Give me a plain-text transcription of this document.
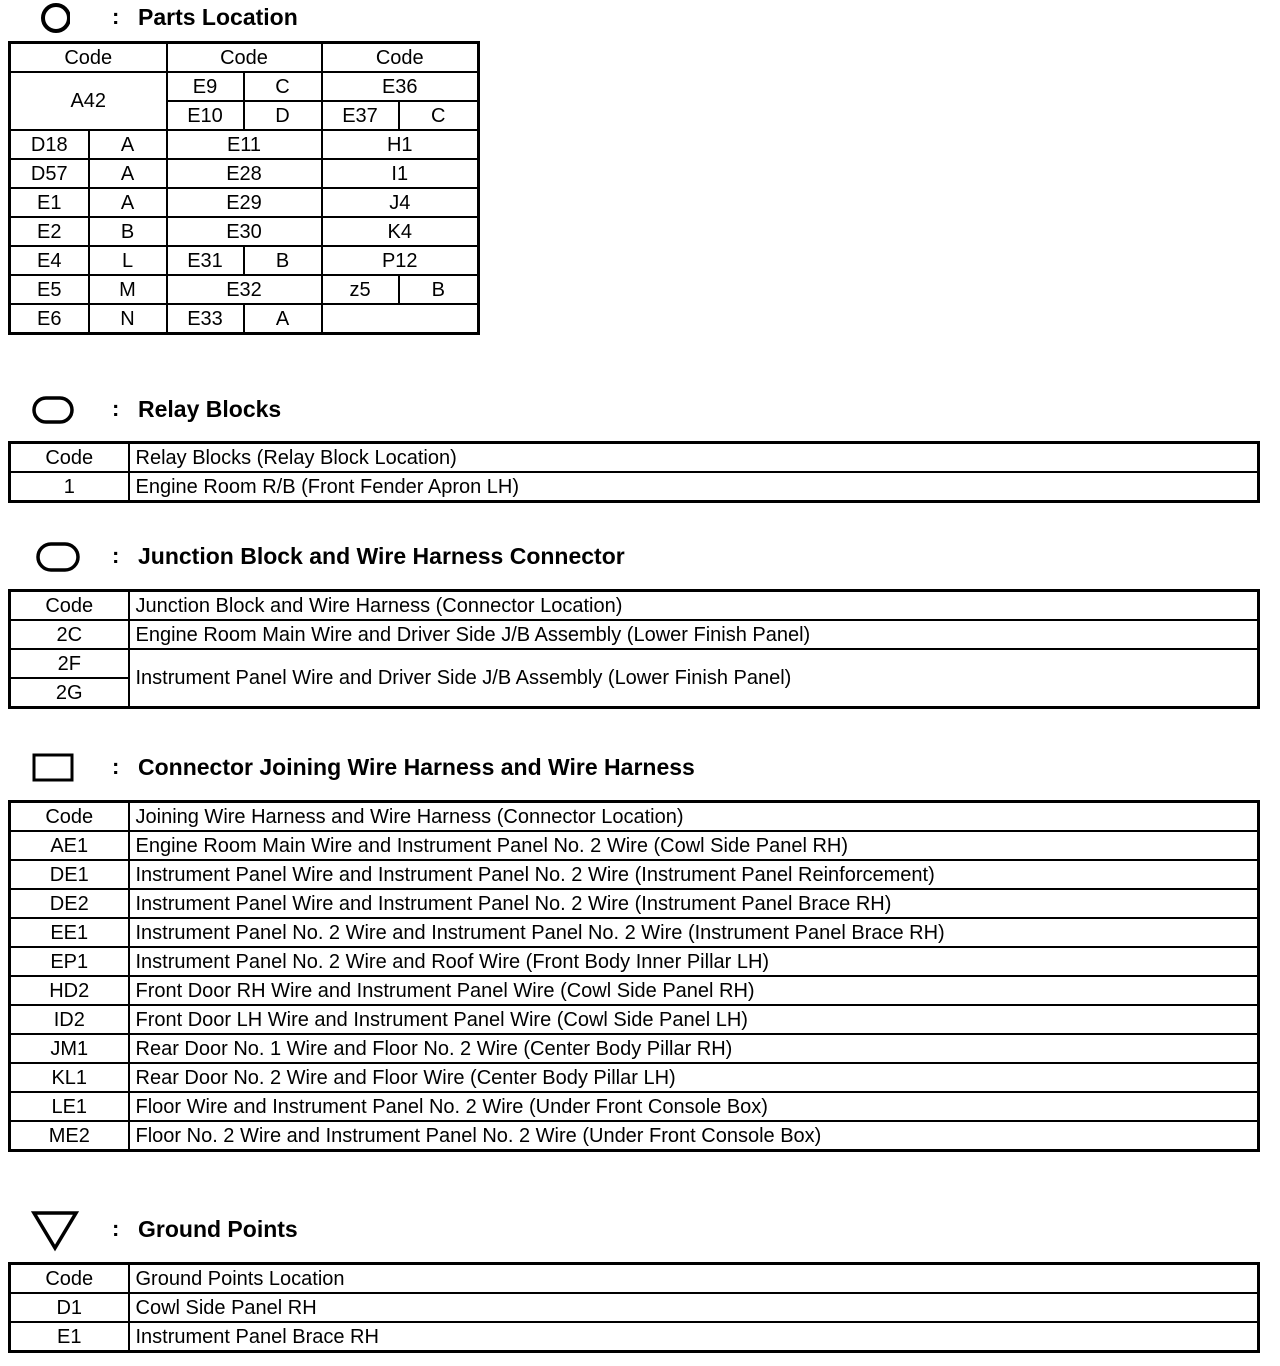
: Parts Location
Code		Code		Code	
A42		E9	C	E36	
		E10	D	E37	C
D18	A	E11		H1	
D57	A	E28		I1	
E1	A	E29		J4	
E2	B	E30		K4	
E4	L	E31	B	P12	
E5	M	E32		z5	B
E6	N	E33	A		
: Relay Blocks
Code	Relay Blocks (Relay Block Location)
1	Engine Room R/B (Front Fender Apron LH)
: Junction Block and Wire Harness Connector
Code	Junction Block and Wire Harness (Connector Location)
2C	Engine Room Main Wire and Driver Side J/B Assembly (Lower Finish Panel)
2F	Instrument Panel Wire and Driver Side J/B Assembly (Lower Finish Panel)
2G	
: Connector Joining Wire Harness and Wire Harness
Code	Joining Wire Harness and Wire Harness (Connector Location)
AE1	Engine Room Main Wire and Instrument Panel No. 2 Wire (Cowl Side Panel RH)
DE1	Instrument Panel Wire and Instrument Panel No. 2 Wire (Instrument Panel Reinforcement)
DE2	Instrument Panel Wire and Instrument Panel No. 2 Wire (Instrument Panel Brace RH)
EE1	Instrument Panel No. 2 Wire and Instrument Panel No. 2 Wire (Instrument Panel Brace RH)
EP1	Instrument Panel No. 2 Wire and Roof Wire (Front Body Inner Pillar LH)
HD2	Front Door RH Wire and Instrument Panel Wire (Cowl Side Panel RH)
ID2	Front Door LH Wire and Instrument Panel Wire (Cowl Side Panel LH)
JM1	Rear Door No. 1 Wire and Floor No. 2 Wire (Center Body Pillar RH)
KL1	Rear Door No. 2 Wire and Floor Wire (Center Body Pillar LH)
LE1	Floor Wire and Instrument Panel No. 2 Wire (Under Front Console Box)
ME2	Floor No. 2 Wire and Instrument Panel No. 2 Wire (Under Front Console Box)
: Ground Points
Code	Ground Points Location
D1	Cowl Side Panel RH
E1	Instrument Panel Brace RH
